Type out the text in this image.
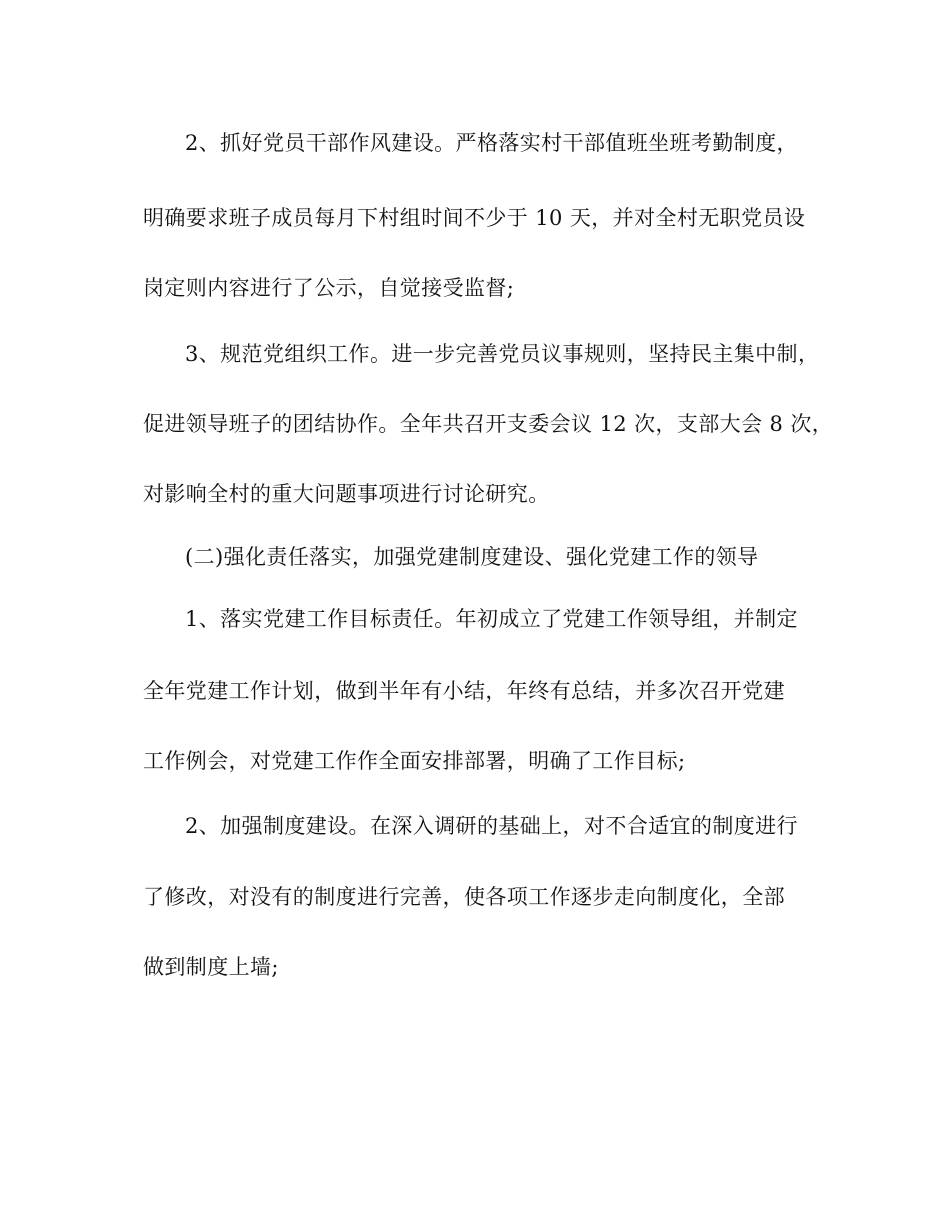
2、抓好党员干部作风建设。严格落实村干部值班坐班考勤制度，
明确要求班子成员每月下村组时间不少于 10 天，并对全村无职党员设
岗定则内容进行了公示，自觉接受监督;
3、规范党组织工作。进一步完善党员议事规则，坚持民主集中制，
促进领导班子的团结协作。全年共召开支委会议 12 次，支部大会 8 次，
对影响全村的重大问题事项进行讨论研究。
(二)强化责任落实，加强党建制度建设、强化党建工作的领导
1、落实党建工作目标责任。年初成立了党建工作领导组，并制定
全年党建工作计划，做到半年有小结，年终有总结，并多次召开党建
工作例会，对党建工作作全面安排部署，明确了工作目标;
2、加强制度建设。在深入调研的基础上，对不合适宜的制度进行
了修改，对没有的制度进行完善，使各项工作逐步走向制度化，全部
做到制度上墙;
